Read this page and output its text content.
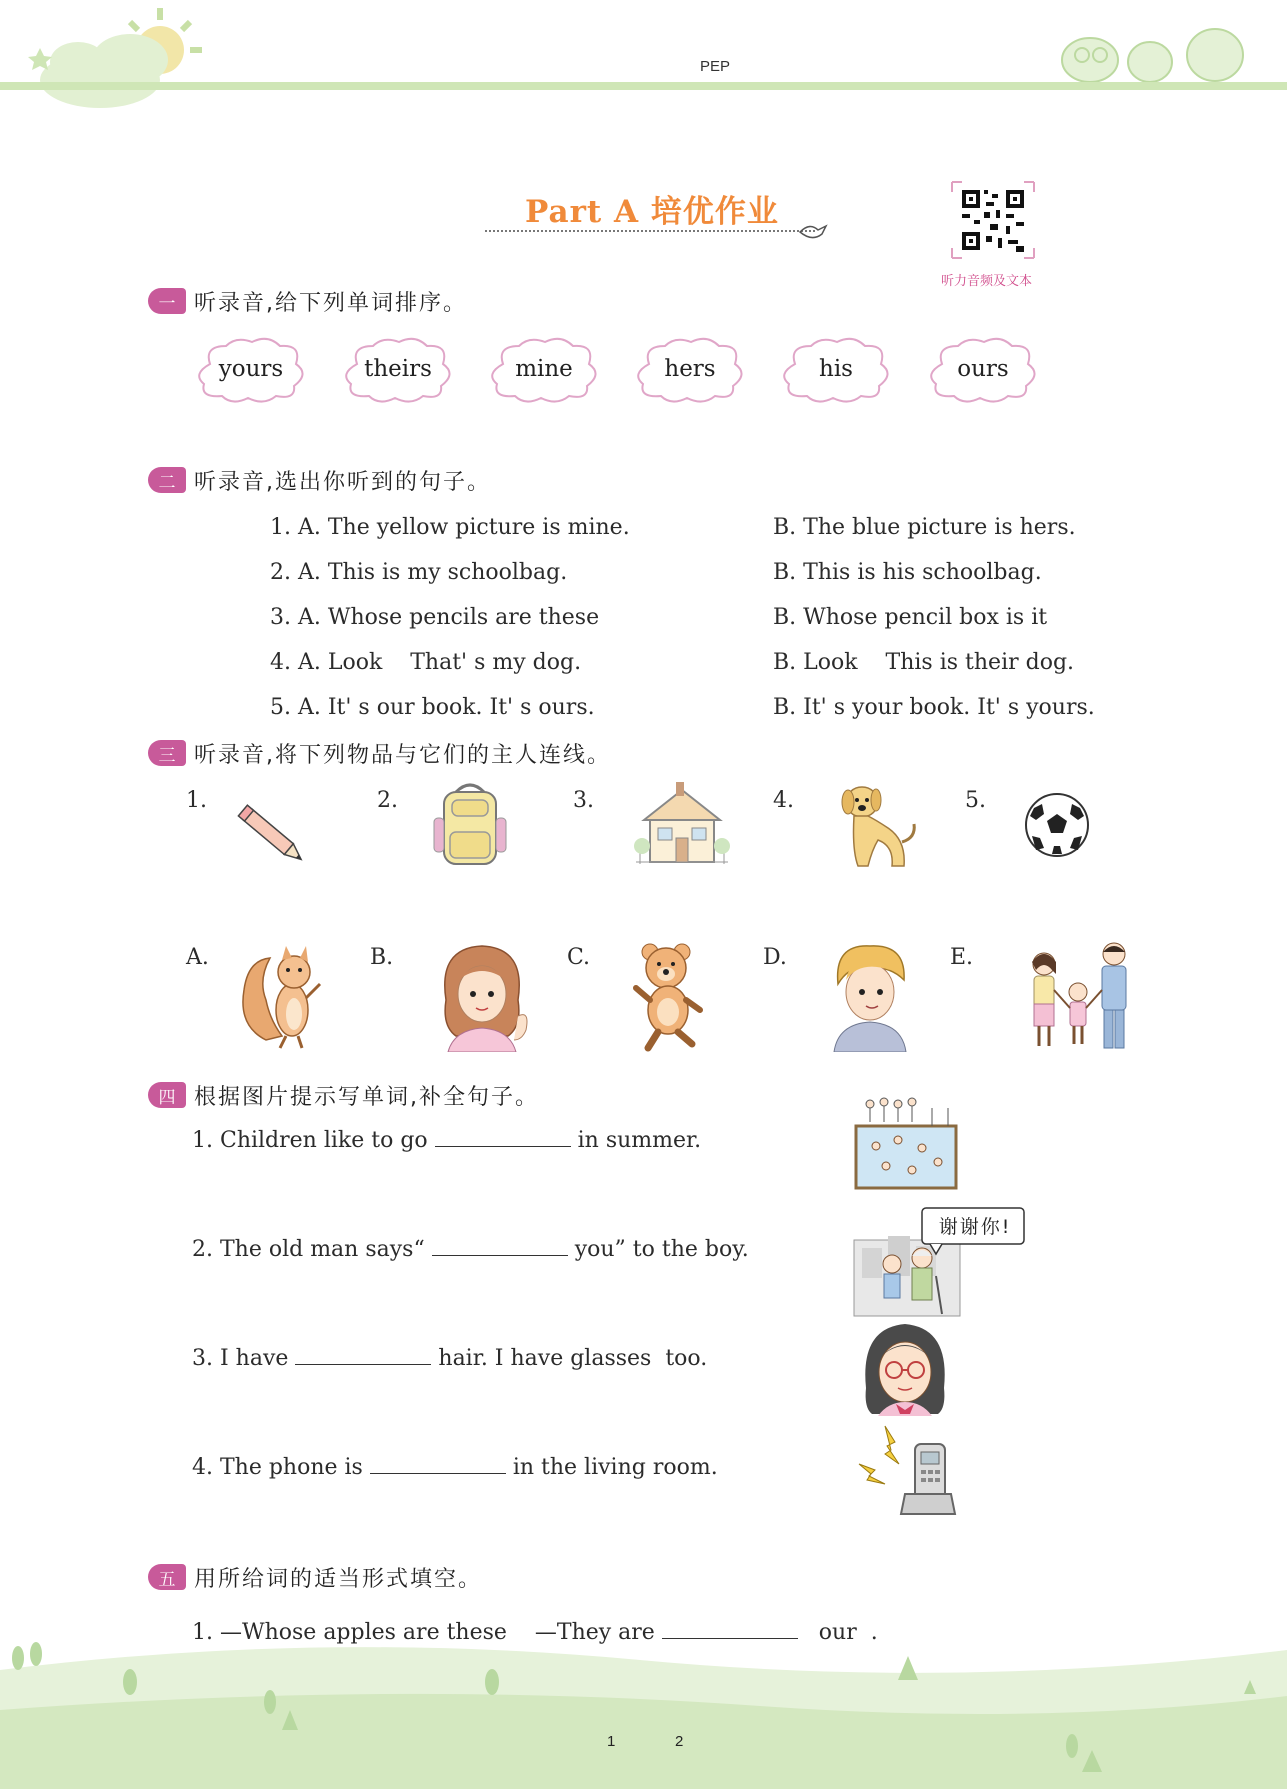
PEP
Part A 培优作业
听力音频及文本
一 听录音,给下列单词排序。
yours	theirs	mine	hers	his	ours
二 听录音,选出你听到的句子。
1. A. The yellow picture is mine.	B. The blue picture is hers.
2. A. This is my schoolbag.	B. This is his schoolbag.
3. A. Whose pencils are these	B. Whose pencil box is it
4. A. Look    That' s my dog.	B. Look    This is their dog.
5. A. It' s our book. It' s ours.	B. It' s your book. It' s yours.
三 听录音,将下列物品与它们的主人连线。
1.	2.	3.	4.	5.
A.	B.	C.	D.	E.
四 根据图片提示写单词,补全句子。
1. Children like to go	in summer.
2. The old man says“	you” to the boy.
3. I have	hair. I have glasses  too.
4. The phone is	in the living room.
谢谢你!
五 用所给词的适当形式填空。
1. —Whose apples are these    —They are	our  .
1	2
